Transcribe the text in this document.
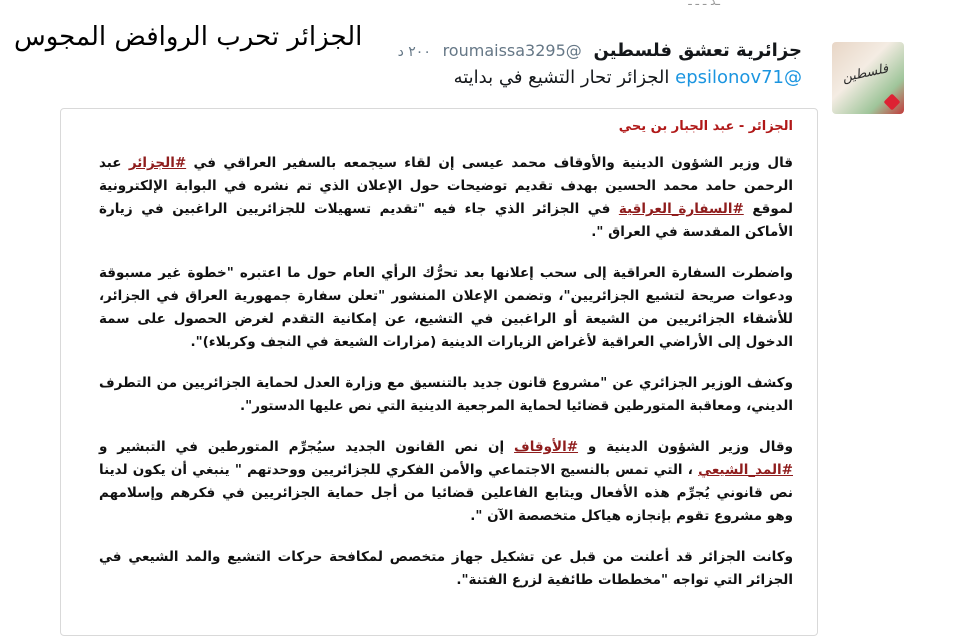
ـد ـ ـ ـ
الجزائر تحرب الروافض المجوس
فلسطين
جزائرية تعشق فلسطين @roumaissa3295 ٢٠٠ د
@epsilonov71 الجزائر تحار التشيع في بدايته
الجزائر - عبد الجبار بن يحي

قال وزير الشؤون الدينية والأوقاف محمد عيسى إن لقاء سيجمعه بالسفير العراقي في #الجزائر عبد الرحمن حامد محمد الحسين بهدف تقديم توضيحات حول الإعلان الذي تم نشره في البوابة الإلكترونية لموقع #السفارة_العراقية في الجزائر الذي جاء فيه "تقديم تسهيلات للجزائريين الراغبين في زيارة الأماكن المقدسة في العراق ".

واضطرت السفارة العراقية إلى سحب إعلانها بعد تحرُّك الرأي العام حول ما اعتبره "خطوة غير مسبوقة ودعوات صريحة لتشيع الجزائريين"، وتضمن الإعلان المنشور "تعلن سفارة جمهورية العراق في الجزائر، للأشقاء الجزائريين من الشيعة أو الراغبين في التشيع، عن إمكانية التقدم لغرض الحصول على سمة الدخول إلى الأراضي العراقية لأغراض الزيارات الدينية (مزارات الشيعة في النجف وكربلاء)".

وكشف الوزير الجزائري عن "مشروع قانون جديد بالتنسيق مع وزارة العدل لحماية الجزائريين من التطرف الديني، ومعاقبة المتورطين قضائيا لحماية المرجعية الدينية التي نص عليها الدستور".

وقال وزير الشؤون الدينية و #الأوقاف إن نص القانون الجديد سيُجرِّم المتورطين في التبشير و #المد_الشيعي ، التي تمس بالنسيج الاجتماعي والأمن الفكري للجزائريين ووحدتهم " ينبغي أن يكون لدينا نص قانوني يُجرِّم هذه الأفعال ويتابع الفاعلين قضائيا من أجل حماية الجزائريين في فكرهم وإسلامهم وهو مشروع تقوم بإنجازه هياكل متخصصة الآن ".

وكانت الجزائر قد أعلنت من قبل عن تشكيل جهاز متخصص لمكافحة حركات التشيع والمد الشيعي في الجزائر التي تواجه "مخططات طائفية لزرع الفتنة".
